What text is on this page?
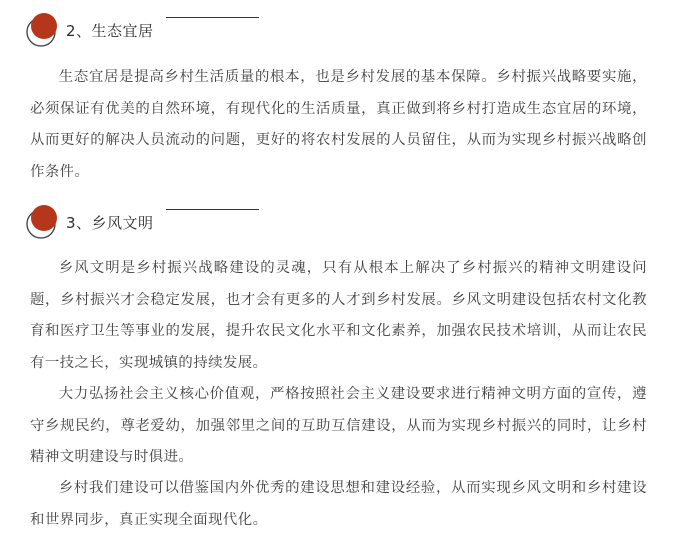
2、生态宜居

生态宜居是提高乡村生活质量的根本，也是乡村发展的基本保障。乡村振兴战略要实施，必须保证有优美的自然环境，有现代化的生活质量，真正做到将乡村打造成生态宜居的环境，从而更好的解决人员流动的问题，更好的将农村发展的人员留住，从而为实现乡村振兴战略创作条件。

3、乡风文明

乡风文明是乡村振兴战略建设的灵魂，只有从根本上解决了乡村振兴的精神文明建设问题，乡村振兴才会稳定发展，也才会有更多的人才到乡村发展。乡风文明建设包括农村文化教育和医疗卫生等事业的发展，提升农民文化水平和文化素养，加强农民技术培训，从而让农民有一技之长，实现城镇的持续发展。

大力弘扬社会主义核心价值观，严格按照社会主义建设要求进行精神文明方面的宣传，遵守乡规民约，尊老爱幼，加强邻里之间的互助互信建设，从而为实现乡村振兴的同时，让乡村精神文明建设与时俱进。

乡村我们建设可以借鉴国内外优秀的建设思想和建设经验，从而实现乡风文明和乡村建设和世界同步，真正实现全面现代化。
